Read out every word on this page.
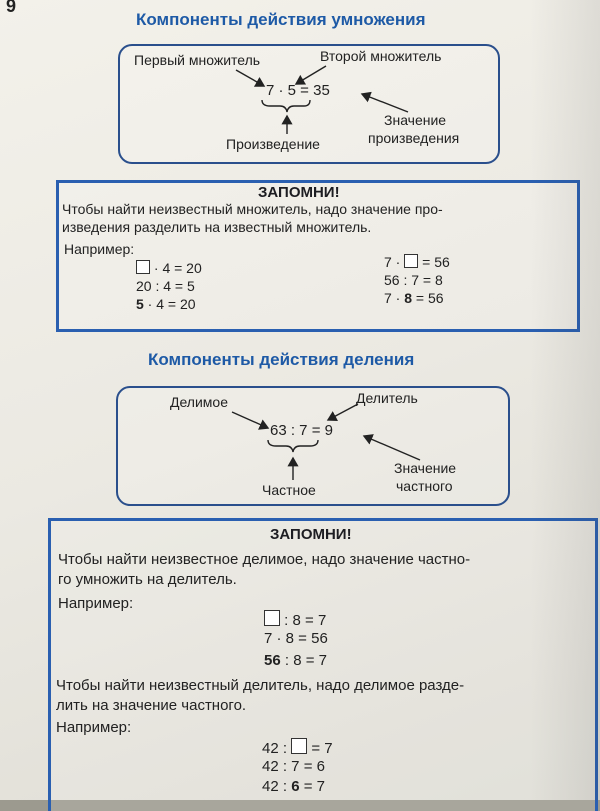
9
Компоненты действия умножения
Первый множитель	Второй множитель
7 · 5 = 35
Произведение
Значение
произведения
ЗАПОМНИ!
Чтобы найти неизвестный множитель, надо значение про-
изведения разделить на известный множитель.
Например:
· 4 = 20
20 : 4 = 5
5 · 4 = 20
7 ·  = 56
56 : 7 = 8
7 · 8 = 56
Компоненты действия деления
Делимое	Делитель
63 : 7 = 9
Частное
Значение
частного
ЗАПОМНИ!
Чтобы найти неизвестное делимое, надо значение частно-
го умножить на делитель.
Например:
: 8 = 7
7 · 8 = 56
56 : 8 = 7
Чтобы найти неизвестный делитель, надо делимое разде-
лить на значение частного.
Например:
42 :  = 7
42 : 7 = 6
42 : 6 = 7
